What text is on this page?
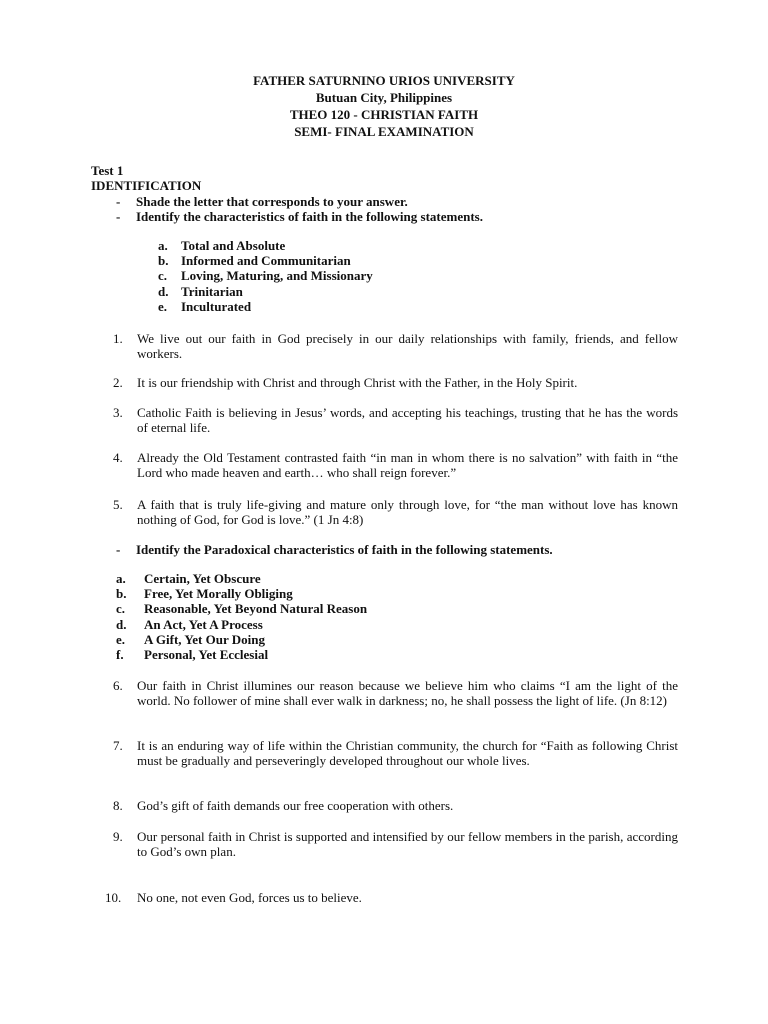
FATHER SATURNINO URIOS UNIVERSITY
Butuan City, Philippines
THEO 120 - CHRISTIAN FAITH
SEMI- FINAL EXAMINATION
Test 1
IDENTIFICATION
- Shade the letter that corresponds to your answer.
- Identify the characteristics of faith in the following statements.
a. Total and Absolute
b. Informed and Communitarian
c. Loving, Maturing, and Missionary
d. Trinitarian
e. Inculturated
1. We live out our faith in God precisely in our daily relationships with family, friends, and fellow workers.
2. It is our friendship with Christ and through Christ with the Father, in the Holy Spirit.
3. Catholic Faith is believing in Jesus’ words, and accepting his teachings, trusting that he has the words of eternal life.
4. Already the Old Testament contrasted faith “in man in whom there is no salvation” with faith in “the Lord who made heaven and earth… who shall reign forever.”
5. A faith that is truly life-giving and mature only through love, for “the man without love has known nothing of God, for God is love.” (1 Jn 4:8)
- Identify the Paradoxical characteristics of faith in the following statements.
a. Certain, Yet Obscure
b. Free, Yet Morally Obliging
c. Reasonable, Yet Beyond Natural Reason
d. An Act, Yet A Process
e. A Gift, Yet Our Doing
f. Personal, Yet Ecclesial
6. Our faith in Christ illumines our reason because we believe him who claims “I am the light of the world. No follower of mine shall ever walk in darkness; no, he shall possess the light of life. (Jn 8:12)
7. It is an enduring way of life within the Christian community, the church for “Faith as following Christ must be gradually and perseveringly developed throughout our whole lives.
8. God’s gift of faith demands our free cooperation with others.
9. Our personal faith in Christ is supported and intensified by our fellow members in the parish, according to God’s own plan.
10. No one, not even God, forces us to believe.
